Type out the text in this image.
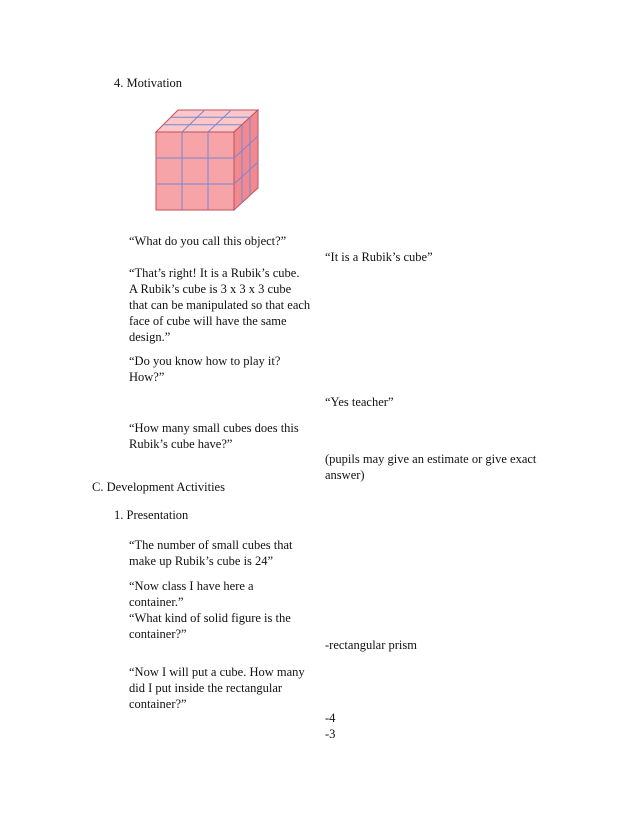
4. Motivation
“What do you call this object?”
“It is a Rubik’s cube”
“That’s right! It is a Rubik’s cube.
A Rubik’s cube is 3 x 3 x 3 cube
that can be manipulated so that each
face of cube will have the same
design.”
“Do you know how to play it?
How?”
“Yes teacher”
“How many small cubes does this
Rubik’s cube have?”
(pupils may give an estimate or give exact
answer)
C. Development Activities
1. Presentation
“The number of small cubes that
make up Rubik’s cube is 24”
“Now class I have here a
container.”
“What kind of solid figure is the
container?”
-rectangular prism
“Now I will put a cube. How many
did I put inside the rectangular
container?”
-4
-3
